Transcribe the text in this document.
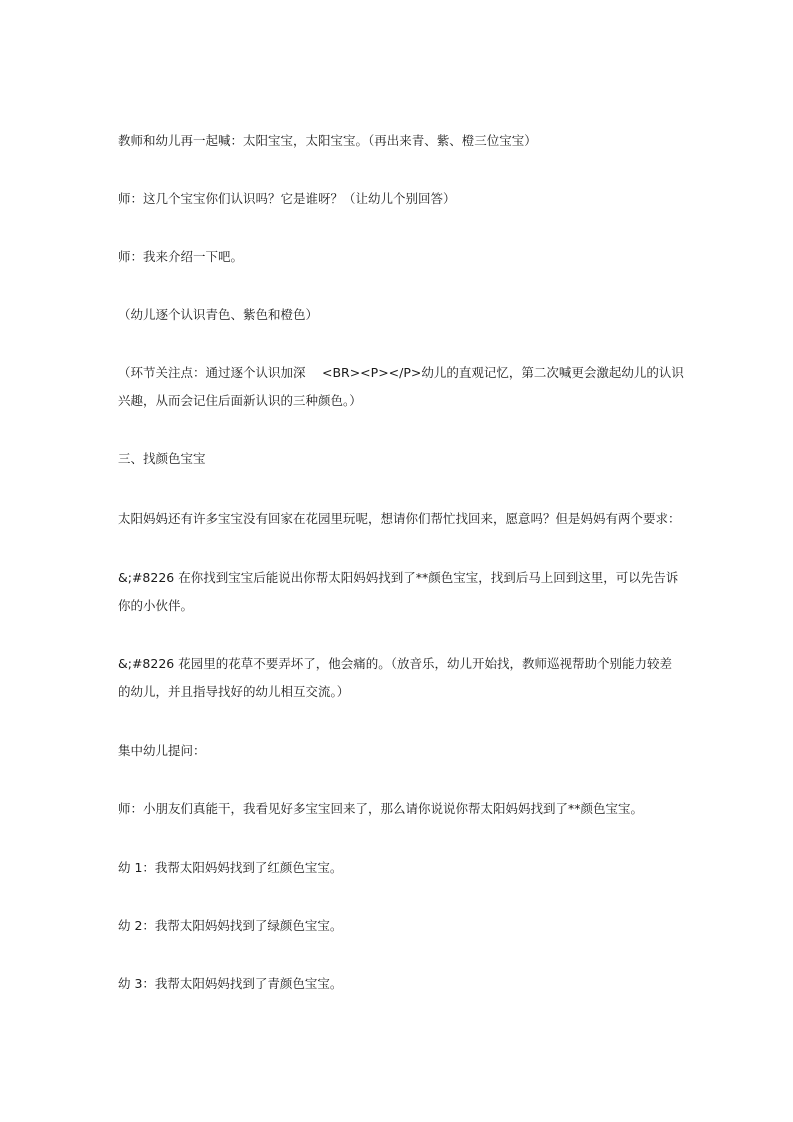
教师和幼儿再一起喊：太阳宝宝，太阳宝宝。（再出来青、紫、橙三位宝宝）

师：这几个宝宝你们认识吗？它是谁呀？（让幼儿个别回答）

师：我来介绍一下吧。

（幼儿逐个认识青色、紫色和橙色）

（环节关注点：通过逐个认识加深 　<BR><P></P>幼儿的直观记忆，第二次喊更会激起幼儿的认识兴趣，从而会记住后面新认识的三种颜色。）

三、找颜色宝宝

太阳妈妈还有许多宝宝没有回家在花园里玩呢，想请你们帮忙找回来，愿意吗？但是妈妈有两个要求：

&;#8226 在你找到宝宝后能说出你帮太阳妈妈找到了**颜色宝宝，找到后马上回到这里，可以先告诉你的小伙伴。

&;#8226 花园里的花草不要弄坏了，他会痛的。（放音乐，幼儿开始找，教师巡视帮助个别能力较差的幼儿，并且指导找好的幼儿相互交流。）

集中幼儿提问：

师：小朋友们真能干，我看见好多宝宝回来了，那么请你说说你帮太阳妈妈找到了**颜色宝宝。

幼 1：我帮太阳妈妈找到了红颜色宝宝。

幼 2：我帮太阳妈妈找到了绿颜色宝宝。

幼 3：我帮太阳妈妈找到了青颜色宝宝。
